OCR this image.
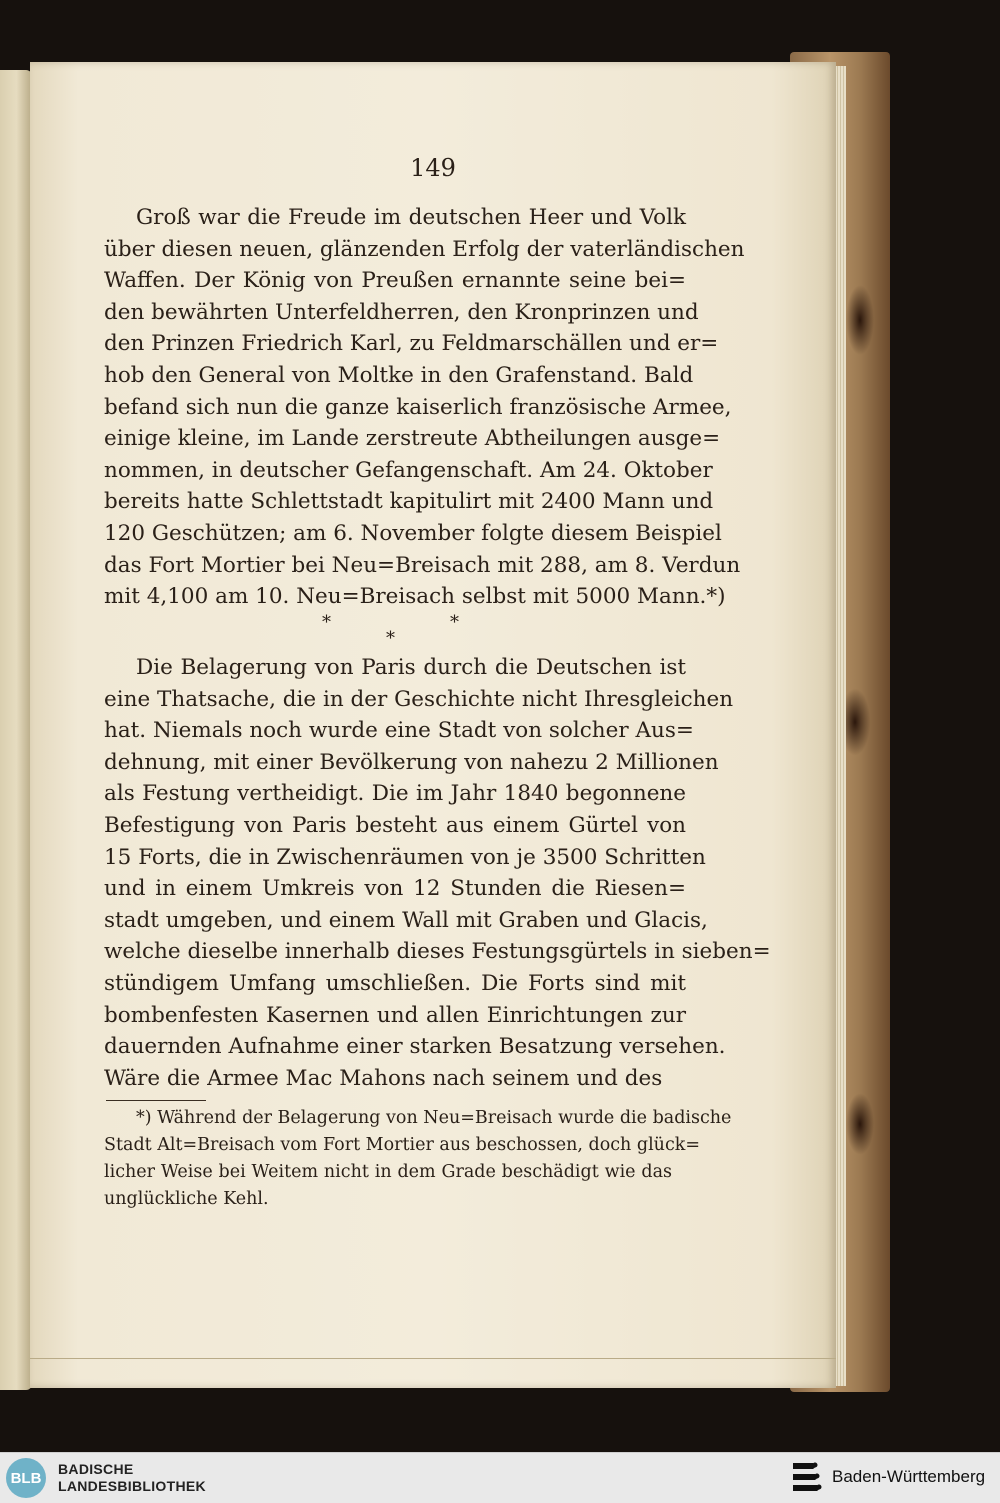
149
Groß war die Freude im deutschen Heer und Volk
über diesen neuen, glänzenden Erfolg der vaterländischen
Waffen. Der König von Preußen ernannte seine bei=
den bewährten Unterfeldherren, den Kronprinzen und
den Prinzen Friedrich Karl, zu Feldmarschällen und er=
hob den General von Moltke in den Grafenstand. Bald
befand sich nun die ganze kaiserlich französische Armee,
einige kleine, im Lande zerstreute Abtheilungen ausge=
nommen, in deutscher Gefangenschaft. Am 24. Oktober
bereits hatte Schlettstadt kapitulirt mit 2400 Mann und
120 Geschützen; am 6. November folgte diesem Beispiel
das Fort Mortier bei Neu=Breisach mit 288, am 8. Verdun
mit 4,100 am 10. Neu=Breisach selbst mit 5000 Mann.*)
*	*
*
Die Belagerung von Paris durch die Deutschen ist
eine Thatsache, die in der Geschichte nicht Ihresgleichen
hat. Niemals noch wurde eine Stadt von solcher Aus=
dehnung, mit einer Bevölkerung von nahezu 2 Millionen
als Festung vertheidigt. Die im Jahr 1840 begonnene
Befestigung von Paris besteht aus einem Gürtel von
15 Forts, die in Zwischenräumen von je 3500 Schritten
und in einem Umkreis von 12 Stunden die Riesen=
stadt umgeben, und einem Wall mit Graben und Glacis,
welche dieselbe innerhalb dieses Festungsgürtels in sieben=
stündigem Umfang umschließen. Die Forts sind mit
bombenfesten Kasernen und allen Einrichtungen zur
dauernden Aufnahme einer starken Besatzung versehen.
Wäre die Armee Mac Mahons nach seinem und des
*) Während der Belagerung von Neu=Breisach wurde die badische
Stadt Alt=Breisach vom Fort Mortier aus beschossen, doch glück=
licher Weise bei Weitem nicht in dem Grade beschädigt wie das
unglückliche Kehl.
BLB
BADISCHE
LANDESBIBLIOTHEK	Baden-Württemberg
